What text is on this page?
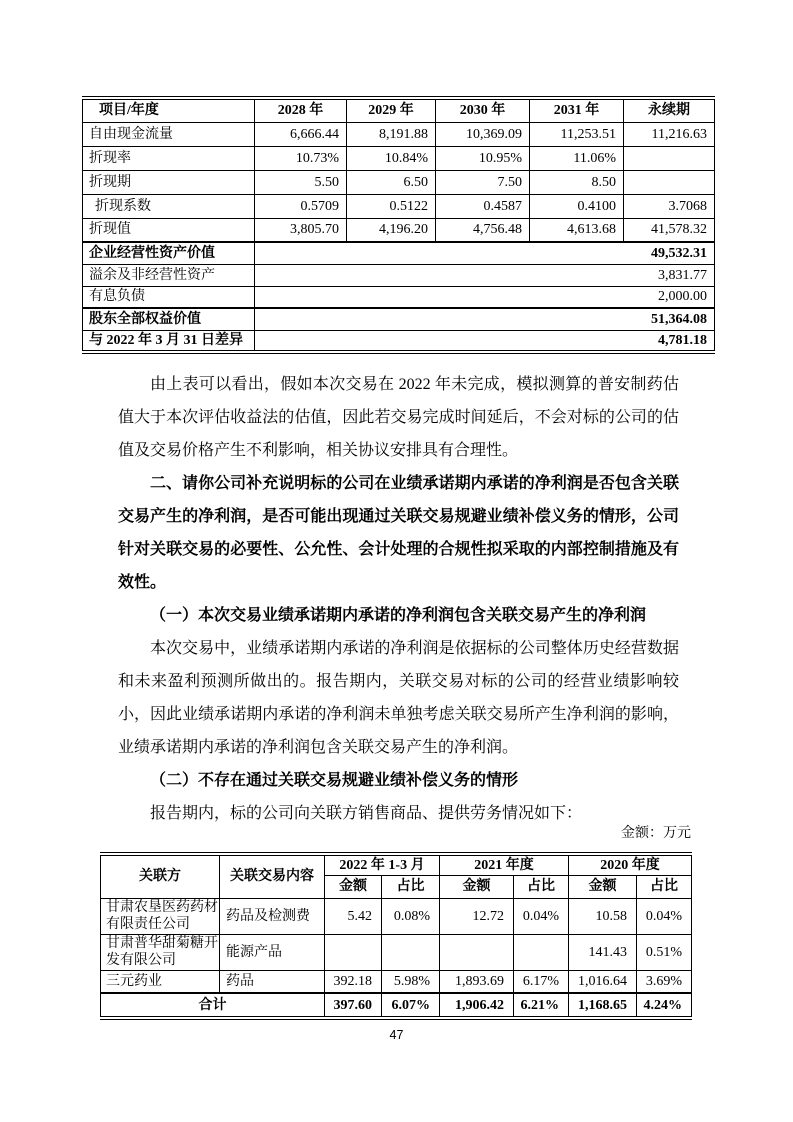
项目/年度	2028 年	2029 年	2030 年	2031 年	永续期
自由现金流量	6,666.44	8,191.88	10,369.09	11,253.51	11,216.63
折现率	10.73%	10.84%	10.95%	11.06%	
折现期	5.50	6.50	7.50	8.50	
折现系数	0.5709	0.5122	0.4587	0.4100	3.7068
折现值	3,805.70	4,196.20	4,756.48	4,613.68	41,578.32
企业经营性资产价值	49,532.31				
溢余及非经营性资产	3,831.77				
有息负债	2,000.00				
股东全部权益价值	51,364.08				
与 2022 年 3 月 31 日差异	4,781.18				

由上表可以看出，假如本次交易在 2022 年未完成，模拟测算的普安制药估值大于本次评估收益法的估值，因此若交易完成时间延后，不会对标的公司的估值及交易价格产生不利影响，相关协议安排具有合理性。

二、请你公司补充说明标的公司在业绩承诺期内承诺的净利润是否包含关联交易产生的净利润，是否可能出现通过关联交易规避业绩补偿义务的情形，公司针对关联交易的必要性、公允性、会计处理的合规性拟采取的内部控制措施及有效性。

（一）本次交易业绩承诺期内承诺的净利润包含关联交易产生的净利润

本次交易中，业绩承诺期内承诺的净利润是依据标的公司整体历史经营数据和未来盈利预测所做出的。报告期内，关联交易对标的公司的经营业绩影响较小，因此业绩承诺期内承诺的净利润未单独考虑关联交易所产生净利润的影响，业绩承诺期内承诺的净利润包含关联交易产生的净利润。

（二）不存在通过关联交易规避业绩补偿义务的情形

报告期内，标的公司向关联方销售商品、提供劳务情况如下：

金额：万元
关联方	关联交易内容	2022 年 1-3 月		2021 年度		2020 年度	
		金额	占比	金额	占比	金额	占比
甘肃农垦医药药材有限责任公司	药品及检测费	5.42	0.08%	12.72	0.04%	10.58	0.04%
甘肃普华甜菊糖开发有限公司	能源产品					141.43	0.51%
三元药业	药品	392.18	5.98%	1,893.69	6.17%	1,016.64	3.69%
合计		397.60	6.07%	1,906.42	6.21%	1,168.65	4.24%
47
